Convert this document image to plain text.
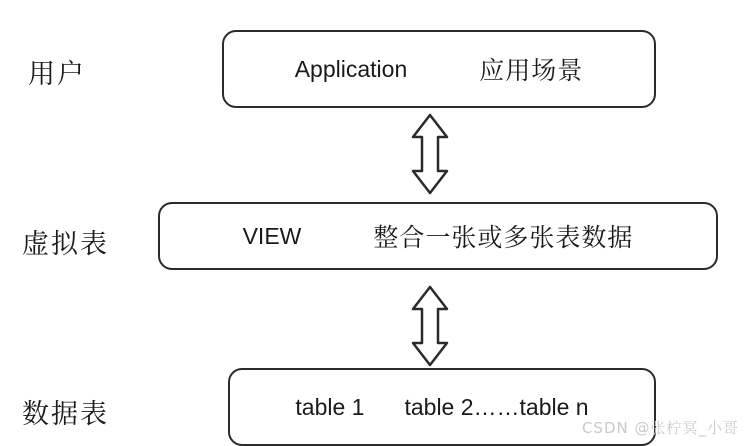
用户
虚拟表
数据表
Application	应用场景
VIEW	整合一张或多张表数据
table 1 table 2……table n
CSDN @张柠冥_小哥
